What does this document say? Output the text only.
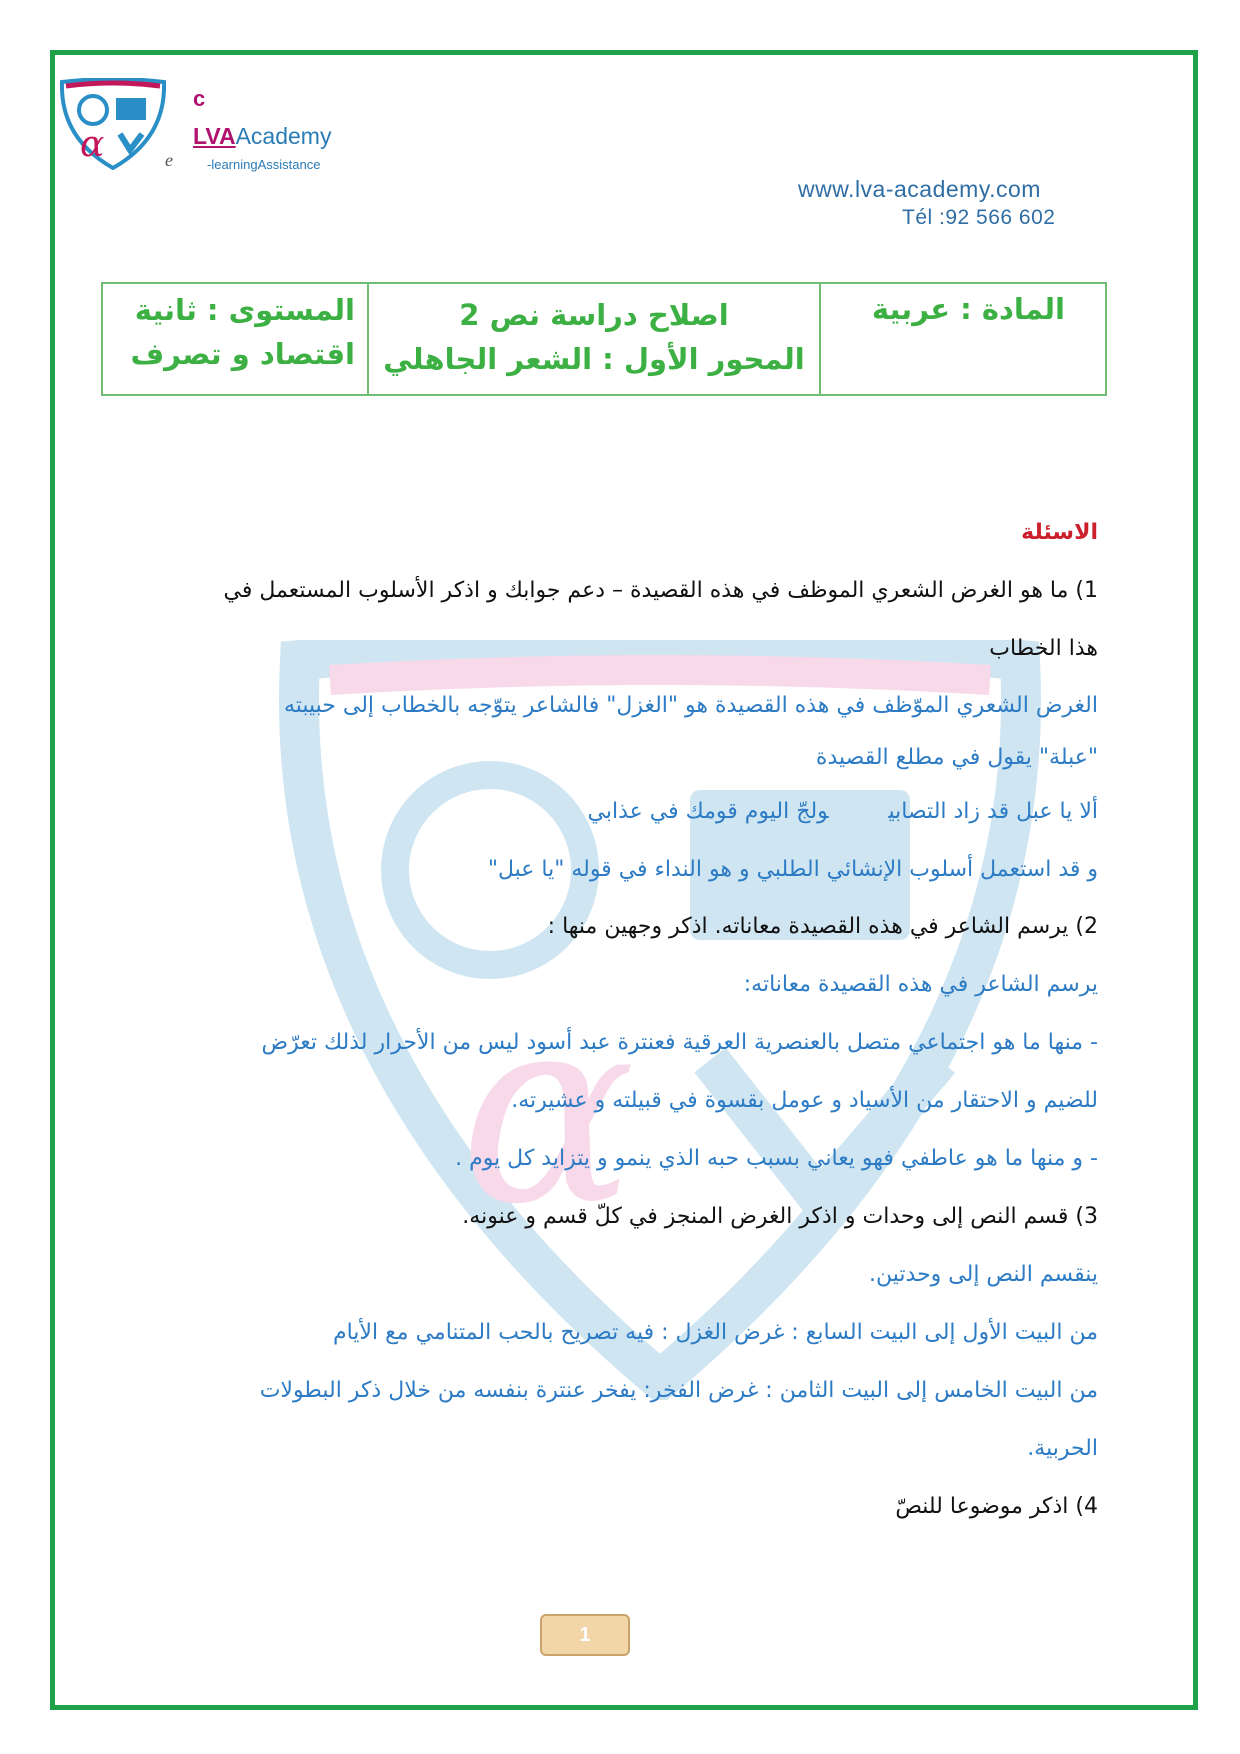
α
α
c
e
LVAAcademy
-learningAssistance
www.lva-academy.com
Tél :92 566 602
المادة : عربية
اصلاح دراسة نص 2
المحور الأول : الشعر الجاهلي
المستوى : ثانية
اقتصاد و تصرف

الاسئلة

1) ما هو الغرض الشعري الموظف في هذه القصيدة – دعم جوابك و اذكر الأسلوب المستعمل في

هذا الخطاب

الغرض الشعري الموّظف في هذه القصيدة هو "الغزل" فالشاعر يتوّجه بالخطاب إلى حبيبته

"عبلة" يقول في مطلع القصيدة

ألا يا عبل قد زاد التصابيولجّ اليوم قومك في عذابي

و قد استعمل أسلوب الإنشائي الطلبي و هو النداء في قوله "يا عبل"

2) يرسم الشاعر في هذه القصيدة معاناته. اذكر وجهين منها :

يرسم الشاعر في هذه القصيدة معاناته:

- منها ما هو اجتماعي متصل بالعنصرية العرقية فعنترة عبد أسود ليس من الأحرار لذلك تعرّض

للضيم و الاحتقار من الأسياد و عومل بقسوة في قبيلته و عشيرته.

- و منها ما هو عاطفي فهو يعاني بسبب حبه الذي ينمو و يتزايد كل يوم .

3) قسم النص إلى وحدات و اذكر الغرض المنجز في كلّ قسم و عنونه.

ينقسم النص إلى وحدتين.

من البيت الأول إلى البيت السابع : غرض الغزل : فيه تصريح بالحب المتنامي مع الأيام

من البيت الخامس إلى البيت الثامن : غرض الفخر: يفخر عنترة بنفسه من خلال ذكر البطولات

الحربية.

4) اذكر موضوعا للنصّ

1
